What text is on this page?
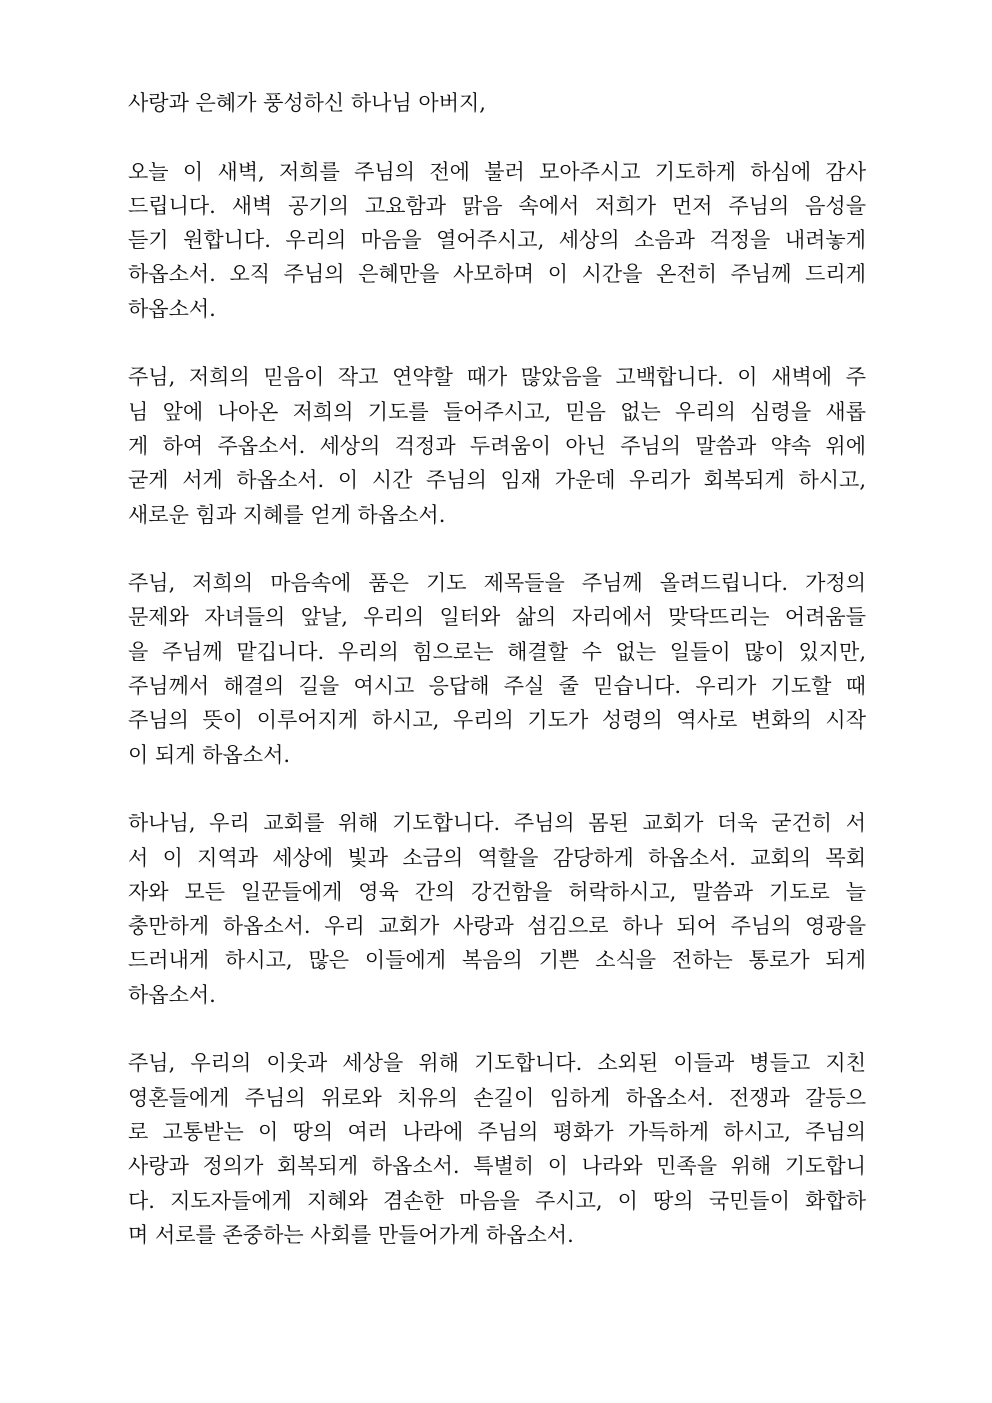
사랑과 은혜가 풍성하신 하나님 아버지,
오늘 이 새벽, 저희를 주님의 전에 불러 모아주시고 기도하게 하심에 감사
드립니다. 새벽 공기의 고요함과 맑음 속에서 저희가 먼저 주님의 음성을
듣기 원합니다. 우리의 마음을 열어주시고, 세상의 소음과 걱정을 내려놓게
하옵소서. 오직 주님의 은혜만을 사모하며 이 시간을 온전히 주님께 드리게
하옵소서.
주님, 저희의 믿음이 작고 연약할 때가 많았음을 고백합니다. 이 새벽에 주
님 앞에 나아온 저희의 기도를 들어주시고, 믿음 없는 우리의 심령을 새롭
게 하여 주옵소서. 세상의 걱정과 두려움이 아닌 주님의 말씀과 약속 위에
굳게 서게 하옵소서. 이 시간 주님의 임재 가운데 우리가 회복되게 하시고,
새로운 힘과 지혜를 얻게 하옵소서.
주님, 저희의 마음속에 품은 기도 제목들을 주님께 올려드립니다. 가정의
문제와 자녀들의 앞날, 우리의 일터와 삶의 자리에서 맞닥뜨리는 어려움들
을 주님께 맡깁니다. 우리의 힘으로는 해결할 수 없는 일들이 많이 있지만,
주님께서 해결의 길을 여시고 응답해 주실 줄 믿습니다. 우리가 기도할 때
주님의 뜻이 이루어지게 하시고, 우리의 기도가 성령의 역사로 변화의 시작
이 되게 하옵소서.
하나님, 우리 교회를 위해 기도합니다. 주님의 몸된 교회가 더욱 굳건히 서
서 이 지역과 세상에 빛과 소금의 역할을 감당하게 하옵소서. 교회의 목회
자와 모든 일꾼들에게 영육 간의 강건함을 허락하시고, 말씀과 기도로 늘
충만하게 하옵소서. 우리 교회가 사랑과 섬김으로 하나 되어 주님의 영광을
드러내게 하시고, 많은 이들에게 복음의 기쁜 소식을 전하는 통로가 되게
하옵소서.
주님, 우리의 이웃과 세상을 위해 기도합니다. 소외된 이들과 병들고 지친
영혼들에게 주님의 위로와 치유의 손길이 임하게 하옵소서. 전쟁과 갈등으
로 고통받는 이 땅의 여러 나라에 주님의 평화가 가득하게 하시고, 주님의
사랑과 정의가 회복되게 하옵소서. 특별히 이 나라와 민족을 위해 기도합니
다. 지도자들에게 지혜와 겸손한 마음을 주시고, 이 땅의 국민들이 화합하
며 서로를 존중하는 사회를 만들어가게 하옵소서.
